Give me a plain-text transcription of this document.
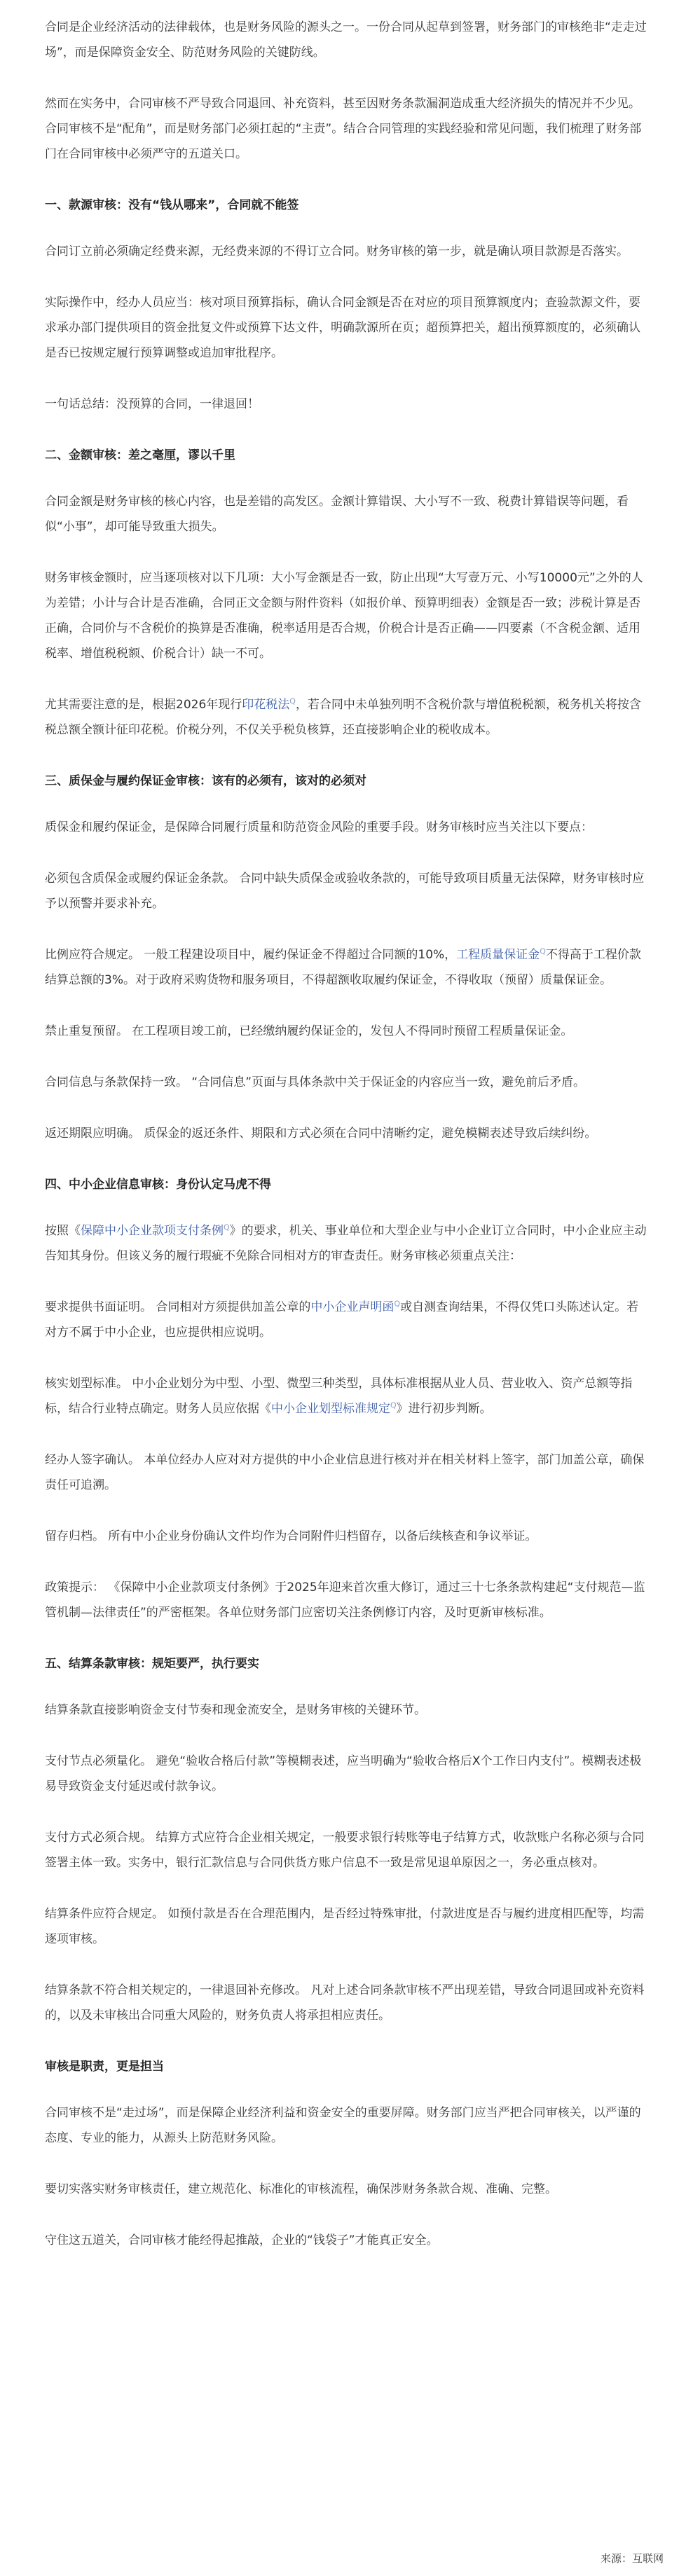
合同是企业经济活动的法律载体，也是财务风险的源头之一。一份合同从起草到签署，财务部门的审核绝非“走走过场”，而是保障资金安全、防范财务风险的关键防线。

然而在实务中，合同审核不严导致合同退回、补充资料，甚至因财务条款漏洞造成重大经济损失的情况并不少见。合同审核不是“配角”，而是财务部门必须扛起的“主责”。结合合同管理的实践经验和常见问题，我们梳理了财务部门在合同审核中必须严守的五道关口。

一、款源审核：没有“钱从哪来”，合同就不能签

合同订立前必须确定经费来源，无经费来源的不得订立合同。财务审核的第一步，就是确认项目款源是否落实。

实际操作中，经办人员应当：核对项目预算指标，确认合同金额是否在对应的项目预算额度内；查验款源文件，要求承办部门提供项目的资金批复文件或预算下达文件，明确款源所在页；超预算把关，超出预算额度的，必须确认是否已按规定履行预算调整或追加审批程序。

一句话总结：没预算的合同，一律退回！

二、金额审核：差之毫厘，谬以千里

合同金额是财务审核的核心内容，也是差错的高发区。金额计算错误、大小写不一致、税费计算错误等问题，看似“小事”，却可能导致重大损失。

财务审核金额时，应当逐项核对以下几项：大小写金额是否一致，防止出现“大写壹万元、小写10000元”之外的人为差错；小计与合计是否准确，合同正文金额与附件资料（如报价单、预算明细表）金额是否一致；涉税计算是否正确，合同价与不含税价的换算是否准确，税率适用是否合规，价税合计是否正确——四要素（不含税金额、适用税率、增值税税额、价税合计）缺一不可。

尤其需要注意的是，根据2026年现行印花税法$^Q$，若合同中未单独列明不含税价款与增值税税额，税务机关将按含税总额全额计征印花税。价税分列，不仅关乎税负核算，还直接影响企业的税收成本。

三、质保金与履约保证金审核：该有的必须有，该对的必须对

质保金和履约保证金，是保障合同履行质量和防范资金风险的重要手段。财务审核时应当关注以下要点：

必须包含质保金或履约保证金条款。 合同中缺失质保金或验收条款的，可能导致项目质量无法保障，财务审核时应予以预警并要求补充。

比例应符合规定。 一般工程建设项目中，履约保证金不得超过合同额的10%，工程质量保证金$^Q$不得高于工程价款结算总额的3%。对于政府采购货物和服务项目，不得超额收取履约保证金，不得收取（预留）质量保证金。

禁止重复预留。 在工程项目竣工前，已经缴纳履约保证金的，发包人不得同时预留工程质量保证金。

合同信息与条款保持一致。 “合同信息”页面与具体条款中关于保证金的内容应当一致，避免前后矛盾。

返还期限应明确。 质保金的返还条件、期限和方式必须在合同中清晰约定，避免模糊表述导致后续纠纷。

四、中小企业信息审核：身份认定马虎不得

按照《保障中小企业款项支付条例$^Q$》的要求，机关、事业单位和大型企业与中小企业订立合同时，中小企业应主动告知其身份。但该义务的履行瑕疵不免除合同相对方的审查责任。财务审核必须重点关注：

要求提供书面证明。 合同相对方须提供加盖公章的中小企业声明函$^Q$或自测查询结果，不得仅凭口头陈述认定。若对方不属于中小企业，也应提供相应说明。

核实划型标准。 中小企业划分为中型、小型、微型三种类型，具体标准根据从业人员、营业收入、资产总额等指标，结合行业特点确定。财务人员应依据《中小企业划型标准规定$^Q$》进行初步判断。

经办人签字确认。 本单位经办人应对对方提供的中小企业信息进行核对并在相关材料上签字，部门加盖公章，确保责任可追溯。

留存归档。 所有中小企业身份确认文件均作为合同附件归档留存，以备后续核查和争议举证。

政策提示： 《保障中小企业款项支付条例》于2025年迎来首次重大修订，通过三十七条条款构建起“支付规范—监管机制—法律责任”的严密框架。各单位财务部门应密切关注条例修订内容，及时更新审核标准。

五、结算条款审核：规矩要严，执行要实

结算条款直接影响资金支付节奏和现金流安全，是财务审核的关键环节。

支付节点必须量化。 避免“验收合格后付款”等模糊表述，应当明确为“验收合格后X个工作日内支付”。模糊表述极易导致资金支付延迟或付款争议。

支付方式必须合规。 结算方式应符合企业相关规定，一般要求银行转账等电子结算方式，收款账户名称必须与合同签署主体一致。实务中，银行汇款信息与合同供货方账户信息不一致是常见退单原因之一，务必重点核对。

结算条件应符合规定。 如预付款是否在合理范围内，是否经过特殊审批，付款进度是否与履约进度相匹配等，均需逐项审核。

结算条款不符合相关规定的，一律退回补充修改。 凡对上述合同条款审核不严出现差错，导致合同退回或补充资料的，以及未审核出合同重大风险的，财务负责人将承担相应责任。

审核是职责，更是担当

合同审核不是“走过场”，而是保障企业经济利益和资金安全的重要屏障。财务部门应当严把合同审核关，以严谨的态度、专业的能力，从源头上防范财务风险。

要切实落实财务审核责任，建立规范化、标准化的审核流程，确保涉财务条款合规、准确、完整。

守住这五道关，合同审核才能经得起推敲，企业的“钱袋子”才能真正安全。

来源：互联网
